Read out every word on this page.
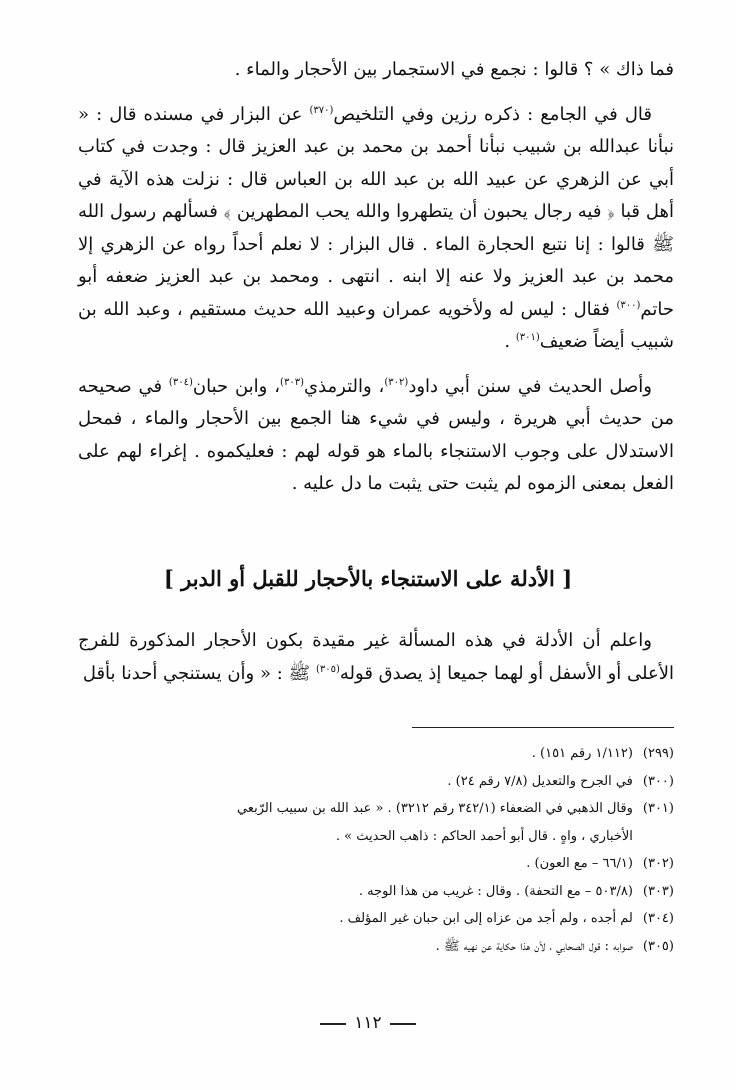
فما ذاك » ؟ قالوا : نجمع في الاستجمار بين الأحجار والماء .

قال في الجامع : ذكره رزين وفي التلخيص$^{(٣٧٠)}$ عن البزار في مسنده قال : « نبأنا عبدالله بن شبيب نبأنا أحمد بن محمد بن عبد العزيز قال : وجدت في كتاب أبي عن الزهري عن عبيد الله بن عبد الله بن العباس قال : نزلت هذه الآية في أهل قبا ﴿ فيه رجال يحبون أن يتطهروا والله يحب المطهرين ﴾ فسألهم رسول الله ﷺ قالوا : إنا نتبع الحجارة الماء . قال البزار : لا نعلم أحداً رواه عن الزهري إلا محمد بن عبد العزيز ولا عنه إلا ابنه . انتهى . ومحمد بن عبد العزيز ضعفه أبو حاتم$^{(٣٠٠)}$ فقال : ليس له ولأخويه عمران وعبيد الله حديث مستقيم ، وعبد الله بن شبيب أيضاً ضعيف$^{(٣٠١)}$ .

وأصل الحديث في سنن أبي داود$^{(٣٠٢)}$، والترمذي$^{(٣٠٣)}$، وابن حبان$^{(٣٠٤)}$ في صحيحه من حديث أبي هريرة ، وليس في شيء هنا الجمع بين الأحجار والماء ، فمحل الاستدلال على وجوب الاستنجاء بالماء هو قوله لهم : فعليكموه . إغراء لهم على الفعل بمعنى الزموه لم يثبت حتى يثبت ما دل عليه .

[ الأدلة على الاستنجاء بالأحجار للقبل أو الدبر ]

واعلم أن الأدلة في هذه المسألة غير مقيدة بكون الأحجار المذكورة للفرج الأعلى أو الأسفل أو لهما جميعا إذ يصدق قوله$^{(٣٠٥)}$ ﷺ : « وأن يستنجي أحدنا بأقل

(٢٩٩)
(١/١١٢ رقم ١٥١) .
(٣٠٠)
في الجرح والتعديل (٧/٨ رقم ٢٤) .
(٣٠١)
وقال الذهبي في الضعفاء (٣٤٢/١ رقم ٣٢١٢) . « عبد الله بن سبيب الرّبعي الأخباري ، واهٍ . قال أبو أحمد الحاكم : ذاهب الحديث » .
(٣٠٢)
(٦٦/١ – مع العون) .
(٣٠٣)
(٥٠٣/٨ – مع التحفة) . وقال : غريب من هذا الوجه .
(٣٠٤)
لم أجده ، ولم أجد من عزاه إلى ابن حبان غير المؤلف .
(٣٠٥)
صوابه : قول الصحابي ، لأن هذا حكاية عن نهيه ﷺ .
١١٢
